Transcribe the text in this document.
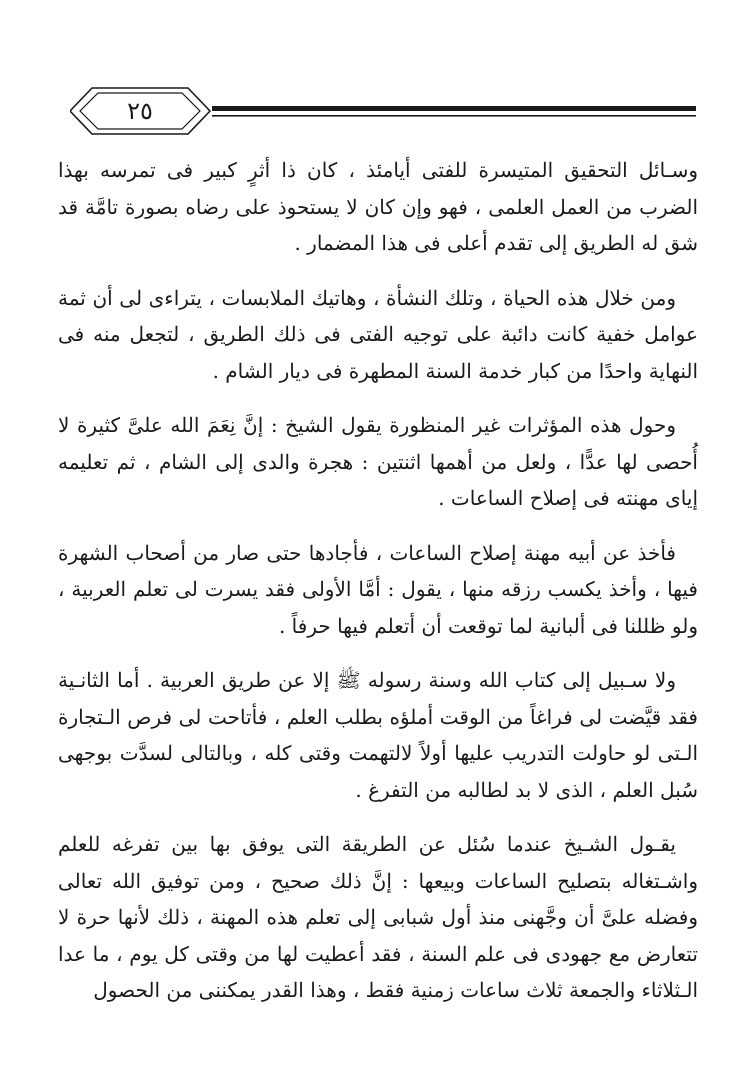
٢٥

وسـائل التحقيق المتيسرة للفتى أيامئذ ، كان ذا أثرٍ كبير فى تمرسه بهذا الضرب من العمل العلمى ، فهو وإن كان لا يستحوذ على رضاه بصورة تامَّة قد شق له الطريق إلى تقدم أعلى فى هذا المضمار .

ومن خلال هذه الحياة ، وتلك النشأة ، وهاتيك الملابسات ، يتراءى لى أن ثمة عوامل خفية كانت دائبة على توجيه الفتى فى ذلك الطريق ، لتجعل منه فى النهاية واحدًا من كبار خدمة السنة المطهرة فى ديار الشام .

وحول هذه المؤثرات غير المنظورة يقول الشيخ : إنَّ نِعَمَ الله علىَّ كثيرة لا أُحصى لها عدًّا ، ولعل من أهمها اثنتين : هجرة والدى إلى الشام ، ثم تعليمه إياى مهنته فى إصلاح الساعات .

فأخذ عن أبيه مهنة إصلاح الساعات ، فأجادها حتى صار من أصحاب الشهرة فيها ، وأخذ يكسب رزقه منها ، يقول : أمَّا الأولى فقد يسرت لى تعلم العربية ، ولو ظللنا فى ألبانية لما توقعت أن أتعلم فيها حرفاً .

ولا سـبيل إلى كتاب الله وسنة رسوله ﷺ إلا عن طريق العربية . أما الثانـية فقد قيَّضت لى فراغاً من الوقت أملؤه بطلب العلم ، فأتاحت لى فرص الـتجارة الـتى لو حاولت التدريب عليها أولاً لالتهمت وقتى كله ، وبالتالى لسدَّت بوجهى سُبل العلم ، الذى لا بد لطالبه من التفرغ .

يقـول الشـيخ عندما سُئل عن الطريقة التى يوفق بها بين تفرغه للعلم واشـتغاله بتصليح الساعات وبيعها : إنَّ ذلك صحيح ، ومن توفيق الله تعالى وفضله علىَّ أن وجَّهنى منذ أول شبابى إلى تعلم هذه المهنة ، ذلك لأنها حرة لا تتعارض مع جهودى فى علم السنة ، فقد أعطيت لها من وقتى كل يوم ، ما عدا الـثلاثاء والجمعة ثلاث ساعات زمنية فقط ، وهذا القدر يمكننى من الحصول
